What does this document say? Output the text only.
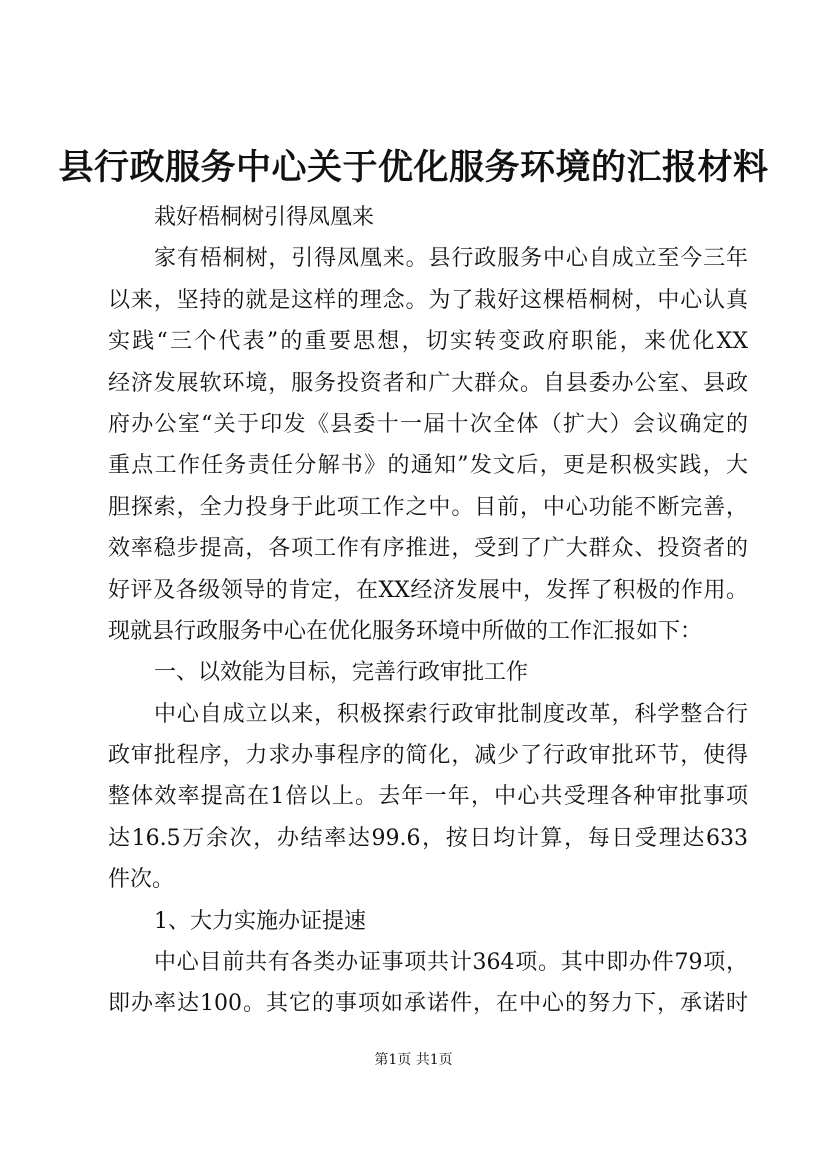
县行政服务中心关于优化服务环境的汇报材料
栽好梧桐树引得凤凰来
家有梧桐树，引得凤凰来。县行政服务中心自成立至今三年
以来，坚持的就是这样的理念。为了栽好这棵梧桐树，中心认真
实践“三个代表”的重要思想，切实转变政府职能，来优化XX
经济发展软环境，服务投资者和广大群众。自县委办公室、县政
府办公室“关于印发《县委十一届十次全体（扩大）会议确定的
重点工作任务责任分解书》的通知”发文后，更是积极实践，大
胆探索，全力投身于此项工作之中。目前，中心功能不断完善，
效率稳步提高，各项工作有序推进，受到了广大群众、投资者的
好评及各级领导的肯定，在XX经济发展中，发挥了积极的作用。
现就县行政服务中心在优化服务环境中所做的工作汇报如下：
一、以效能为目标，完善行政审批工作
中心自成立以来，积极探索行政审批制度改革，科学整合行
政审批程序，力求办事程序的简化，减少了行政审批环节，使得
整体效率提高在1倍以上。去年一年，中心共受理各种审批事项
达16.5万余次，办结率达99.6，按日均计算，每日受理达633
件次。
1、大力实施办证提速
中心目前共有各类办证事项共计364项。其中即办件79项，
即办率达100。其它的事项如承诺件，在中心的努力下，承诺时
第1页 共1页
